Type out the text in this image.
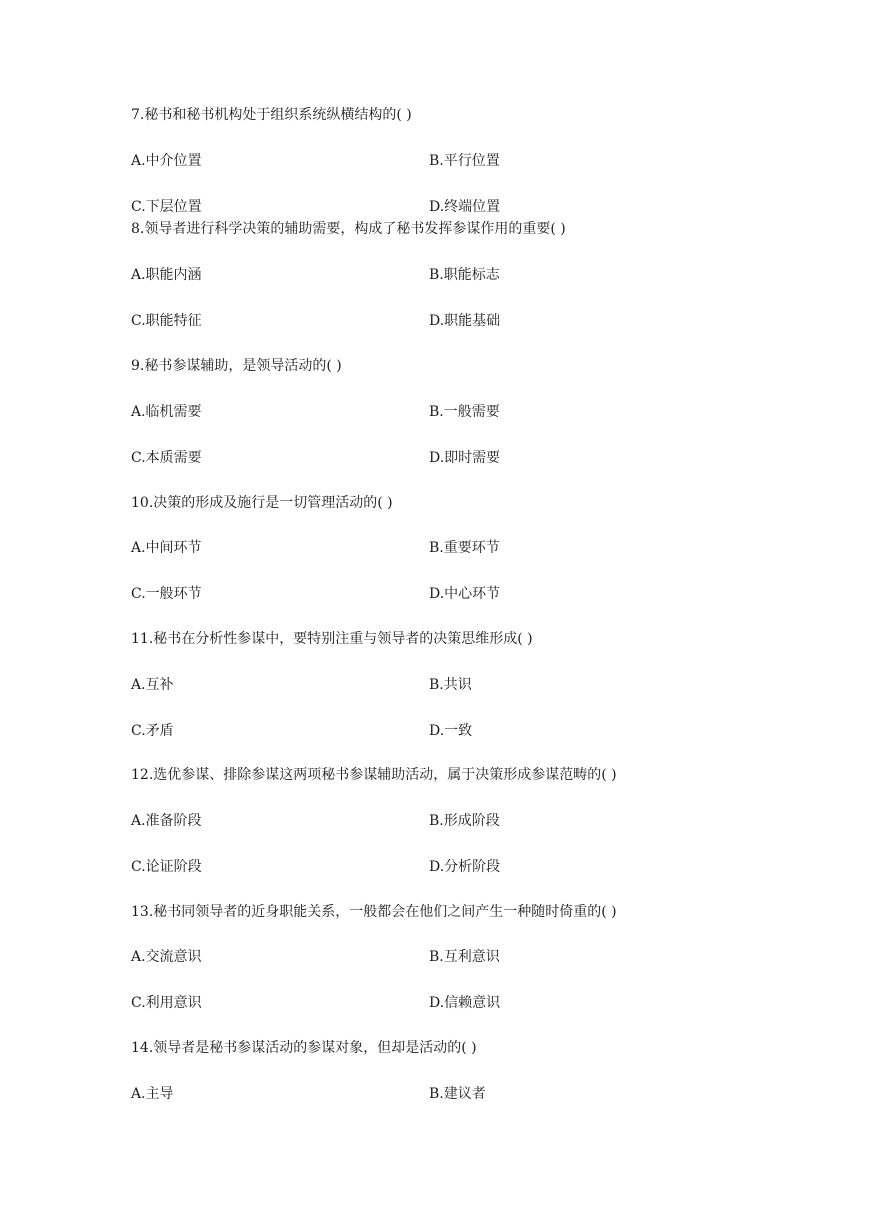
7.秘书和秘书机构处于组织系统纵横结构的( )
A.中介位置	B.平行位置
C.下层位置	D.终端位置
8.领导者进行科学决策的辅助需要，构成了秘书发挥参谋作用的重要( )
A.职能内涵	B.职能标志
C.职能特征	D.职能基础
9.秘书参谋辅助，是领导活动的( )
A.临机需要	B.一般需要
C.本质需要	D.即时需要
10.决策的形成及施行是一切管理活动的( )
A.中间环节	B.重要环节
C.一般环节	D.中心环节
11.秘书在分析性参谋中，要特别注重与领导者的决策思维形成( )
A.互补	B.共识
C.矛盾	D.一致
12.选优参谋、排除参谋这两项秘书参谋辅助活动，属于决策形成参谋范畴的( )
A.准备阶段	B.形成阶段
C.论证阶段	D.分析阶段
13.秘书同领导者的近身职能关系，一般都会在他们之间产生一种随时倚重的( )
A.交流意识	B.互利意识
C.利用意识	D.信赖意识
14.领导者是秘书参谋活动的参谋对象，但却是活动的( )
A.主导	B.建议者
